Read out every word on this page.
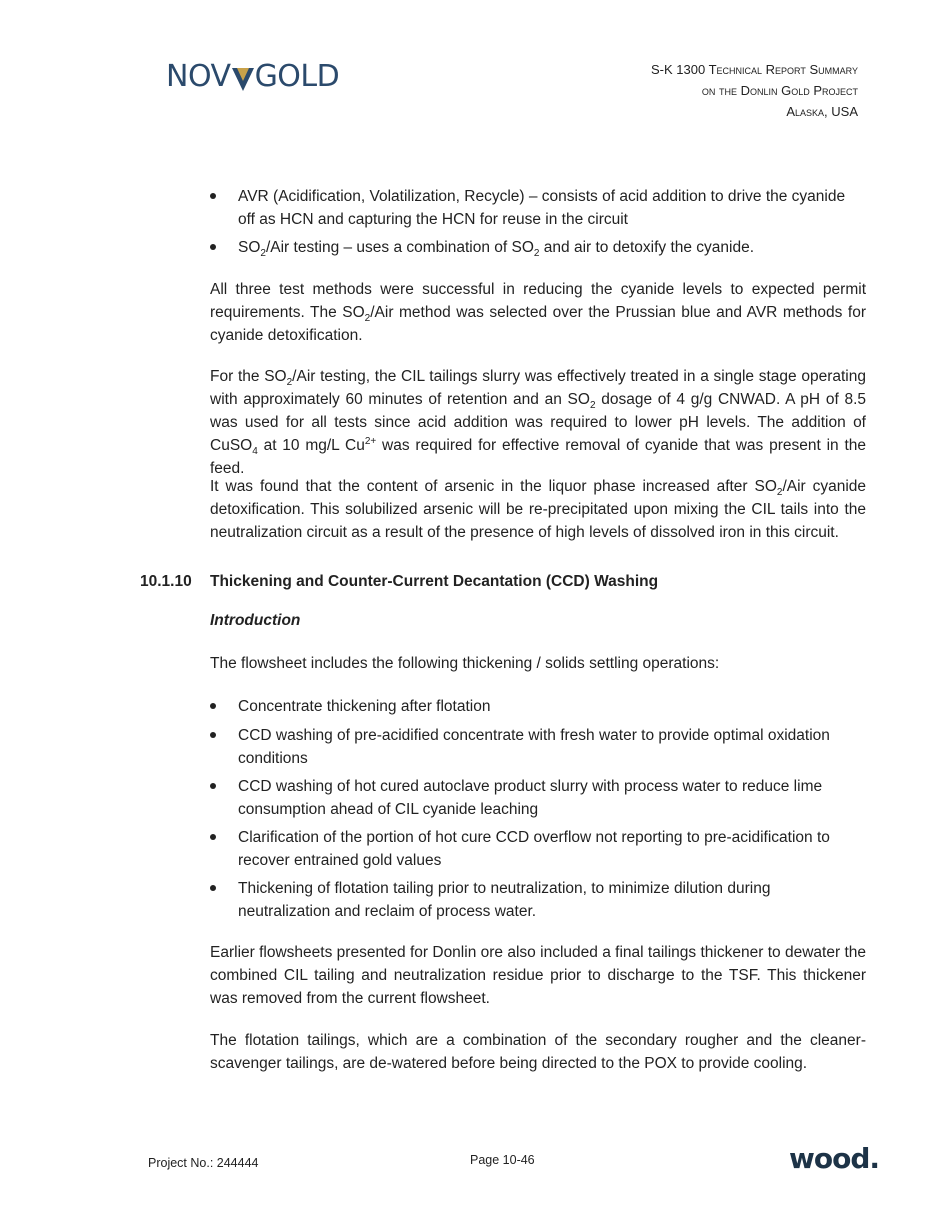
NOV GOLD	S-K 1300 Technical Report Summary
on the Donlin Gold Project
Alaska, USA
AVR (Acidification, Volatilization, Recycle) – consists of acid addition to drive the cyanide
off as HCN and capturing the HCN for reuse in the circuit
$SO_2$/Air testing – uses a combination of $SO_2$ and air to detoxify the cyanide.

All three test methods were successful in reducing the cyanide levels to expected permit requirements. The $SO_2$/Air method was selected over the Prussian blue and AVR methods for cyanide detoxification.

For the $SO_2$/Air testing, the CIL tailings slurry was effectively treated in a single stage operating with approximately 60 minutes of retention and an $SO_2$ dosage of 4 g/g CNWAD. A pH of 8.5 was used for all tests since acid addition was required to lower pH levels. The addition of CuSO$_4$ at 10 mg/L $Cu^{2+}$ was required for effective removal of cyanide that was present in the feed.

It was found that the content of arsenic in the liquor phase increased after $SO_2$/Air cyanide detoxification. This solubilized arsenic will be re-precipitated upon mixing the CIL tails into the neutralization circuit as a result of the presence of high levels of dissolved iron in this circuit.

10.1.10 Thickening and Counter-Current Decantation (CCD) Washing
Introduction

The flowsheet includes the following thickening / solids settling operations:

Concentrate thickening after flotation
CCD washing of pre-acidified concentrate with fresh water to provide optimal oxidation
conditions
CCD washing of hot cured autoclave product slurry with process water to reduce lime
consumption ahead of CIL cyanide leaching
Clarification of the portion of hot cure CCD overflow not reporting to pre-acidification to
recover entrained gold values
Thickening of flotation tailing prior to neutralization, to minimize dilution during
neutralization and reclaim of process water.

Earlier flowsheets presented for Donlin ore also included a final tailings thickener to dewater the combined CIL tailing and neutralization residue prior to discharge to the TSF. This thickener was removed from the current flowsheet.

The flotation tailings, which are a combination of the secondary rougher and the cleaner-scavenger tailings, are de-watered before being directed to the POX to provide cooling.

Project No.: 244444	Page 10-46	wood.
